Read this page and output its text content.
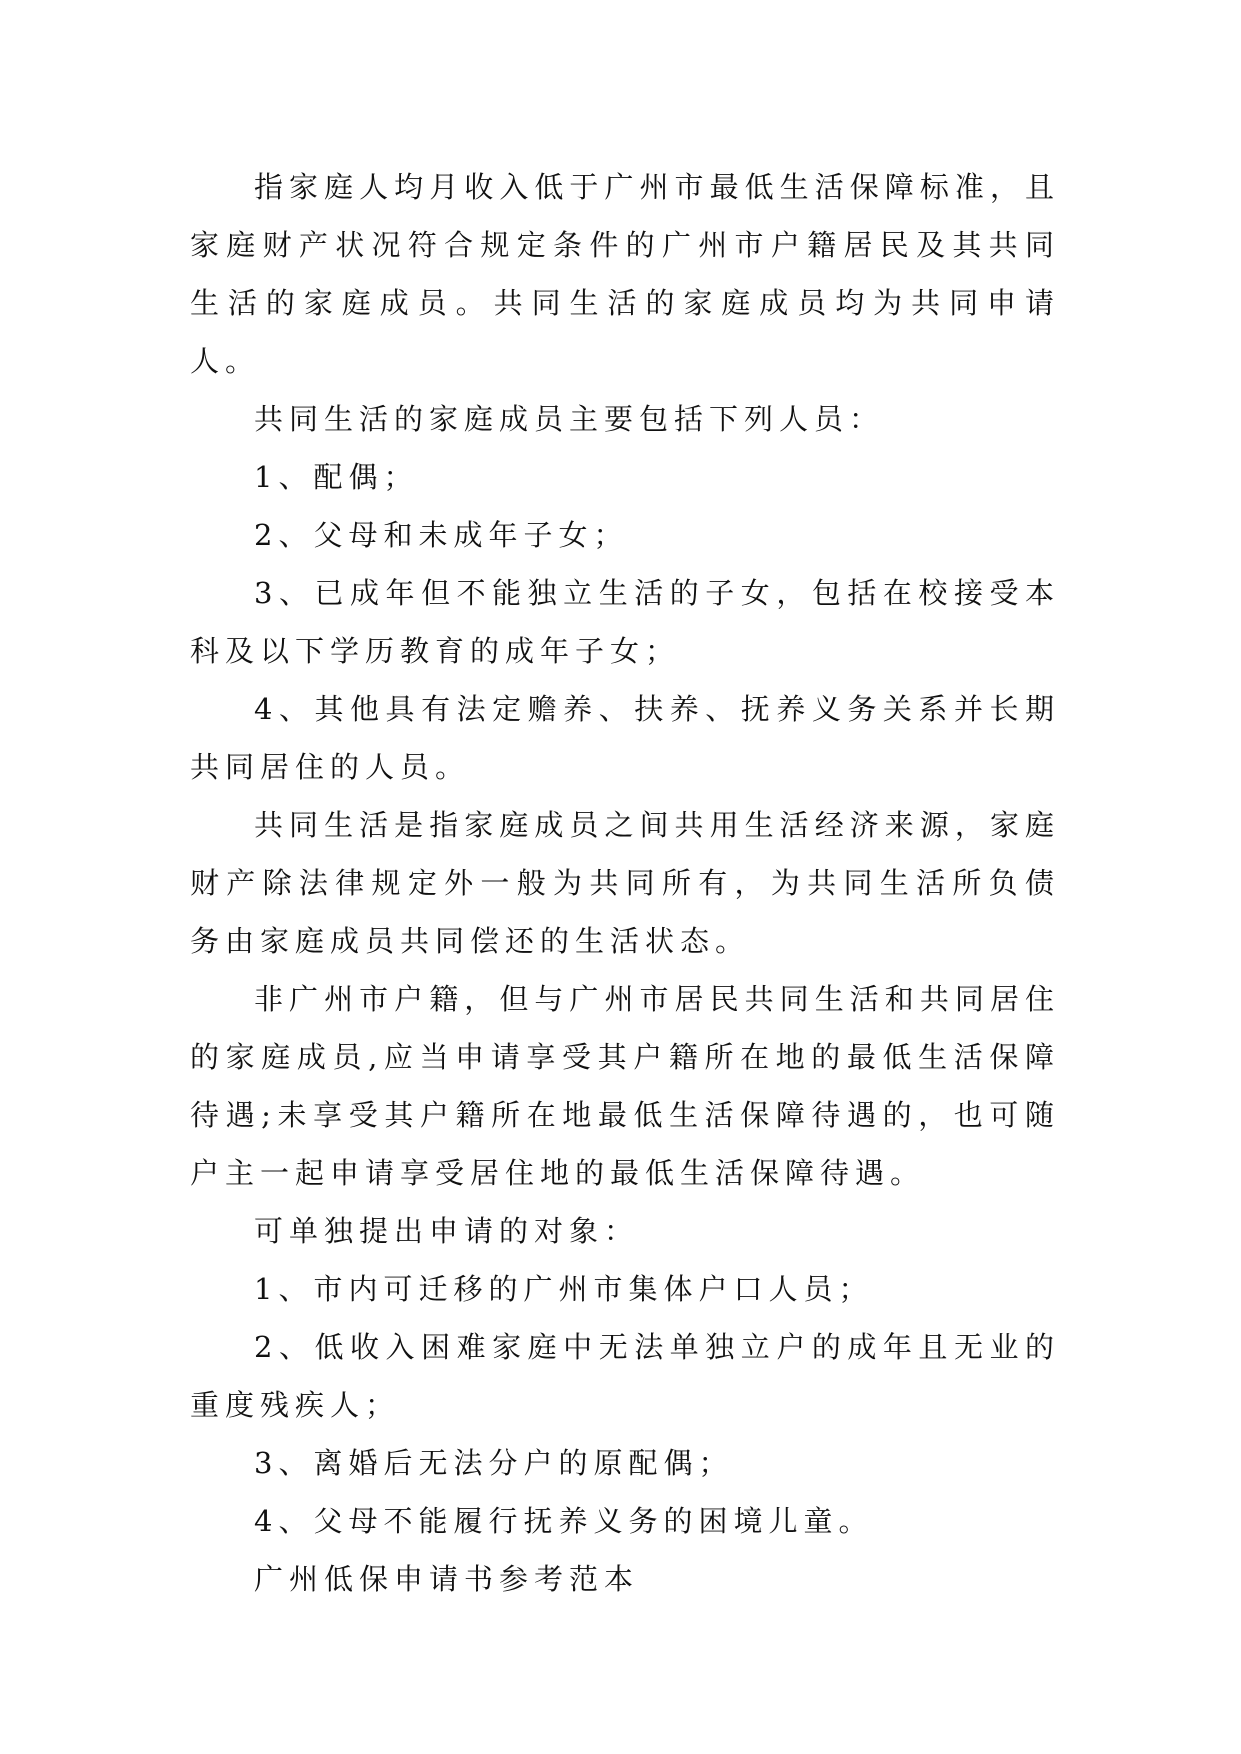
指家庭人均月收入低于广州市最低生活保障标准，且家庭财产状况符合规定条件的广州市户籍居民及其共同生活的家庭成员。共同生活的家庭成员均为共同申请人。

共同生活的家庭成员主要包括下列人员：

1、配偶；

2、父母和未成年子女；

3、已成年但不能独立生活的子女，包括在校接受本科及以下学历教育的成年子女；

4、其他具有法定赡养、扶养、抚养义务关系并长期共同居住的人员。

共同生活是指家庭成员之间共用生活经济来源，家庭财产除法律规定外一般为共同所有，为共同生活所负债务由家庭成员共同偿还的生活状态。

非广州市户籍，但与广州市居民共同生活和共同居住的家庭成员,应当申请享受其户籍所在地的最低生活保障待遇;未享受其户籍所在地最低生活保障待遇的，也可随户主一起申请享受居住地的最低生活保障待遇。

可单独提出申请的对象：

1、市内可迁移的广州市集体户口人员；

2、低收入困难家庭中无法单独立户的成年且无业的重度残疾人；

3、离婚后无法分户的原配偶；

4、父母不能履行抚养义务的困境儿童。

广州低保申请书参考范本
